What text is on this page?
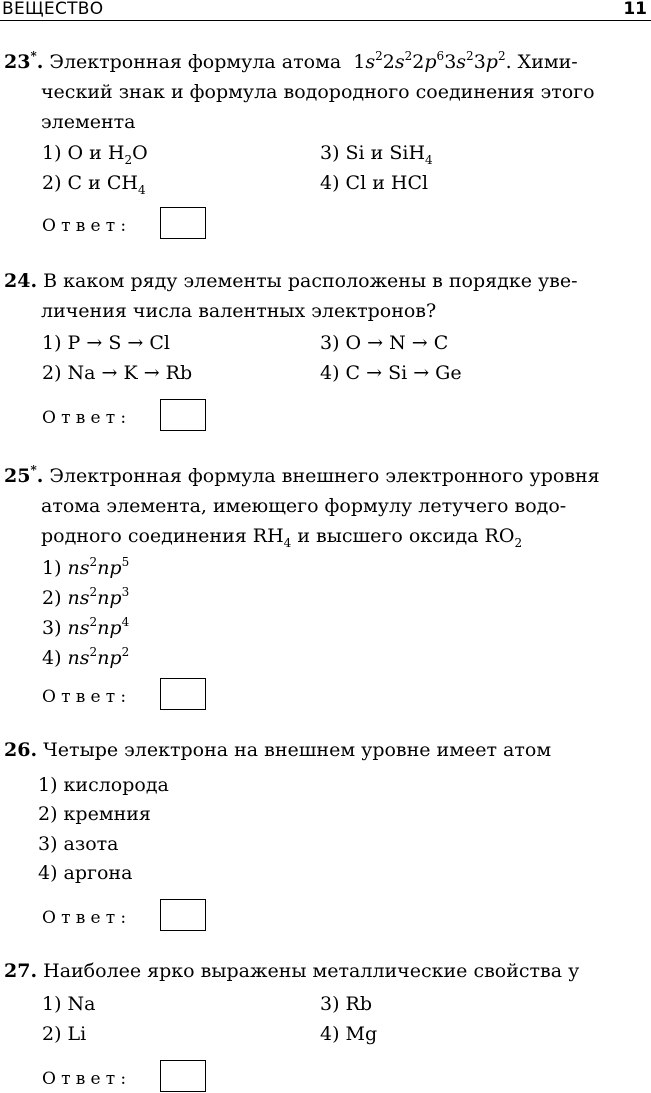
ВЕЩЕСТВО	11
23*. Электронная формула атома $1s^22s^22p^63s^23p^2$. Хими-
ческий знак и формула водородного соединения этого
элемента
1) O и $H_2O$
2) C и $CH_4$
3) Si и SiH$_4$
4) Cl и HCl
Ответ:
24. В каком ряду элементы расположены в порядке уве-
личения числа валентных электронов?
1) P → S → Cl
2) Na → K → Rb
3) O → N → C
4) C → Si → Ge
Ответ:
25*. Электронная формула внешнего электронного уровня
атома элемента, имеющего формулу летучего водо-
родного соединения $RH_4$ и высшего оксида $RO_2$
1) $ns^2np^5$
2) $ns^2np^3$
3) $ns^2np^4$
4) $ns^2np^2$
Ответ:
26. Четыре электрона на внешнем уровне имеет атом
1) кислорода
2) кремния
3) азота
4) аргона
Ответ:
27. Наиболее ярко выражены металлические свойства у
1) Na
2) Li
3) Rb
4) Mg
Ответ:
